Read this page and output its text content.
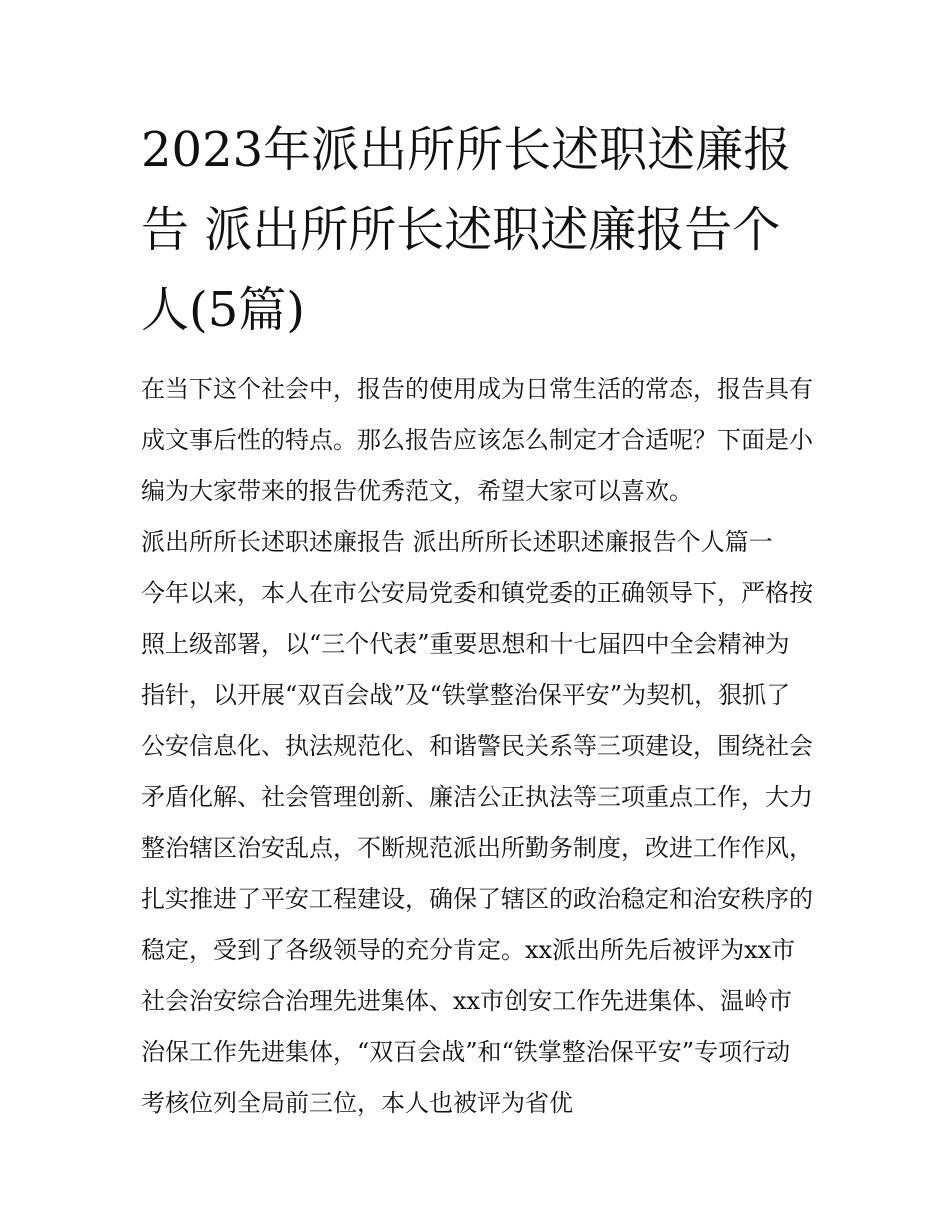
2023年派出所所长述职述廉报告 派出所所长述职述廉报告个人(5篇)

在当下这个社会中，报告的使用成为日常生活的常态，报告具有成文事后性的特点。那么报告应该怎么制定才合适呢？下面是小编为大家带来的报告优秀范文，希望大家可以喜欢。

派出所所长述职述廉报告 派出所所长述职述廉报告个人篇一

今年以来，本人在市公安局党委和镇党委的正确领导下，严格按照上级部署，以“三个代表”重要思想和十七届四中全会精神为指针，以开展“双百会战”及“铁掌整治保平安”为契机，狠抓了公安信息化、执法规范化、和谐警民关系等三项建设，围绕社会矛盾化解、社会管理创新、廉洁公正执法等三项重点工作，大力整治辖区治安乱点，不断规范派出所勤务制度，改进工作作风，扎实推进了平安工程建设，确保了辖区的政治稳定和治安秩序的稳定，受到了各级领导的充分肯定。xx派出所先后被评为xx市社会治安综合治理先进集体、xx市创安工作先进集体、温岭市治保工作先进集体，“双百会战”和“铁掌整治保平安”专项行动考核位列全局前三位，本人也被评为省优
